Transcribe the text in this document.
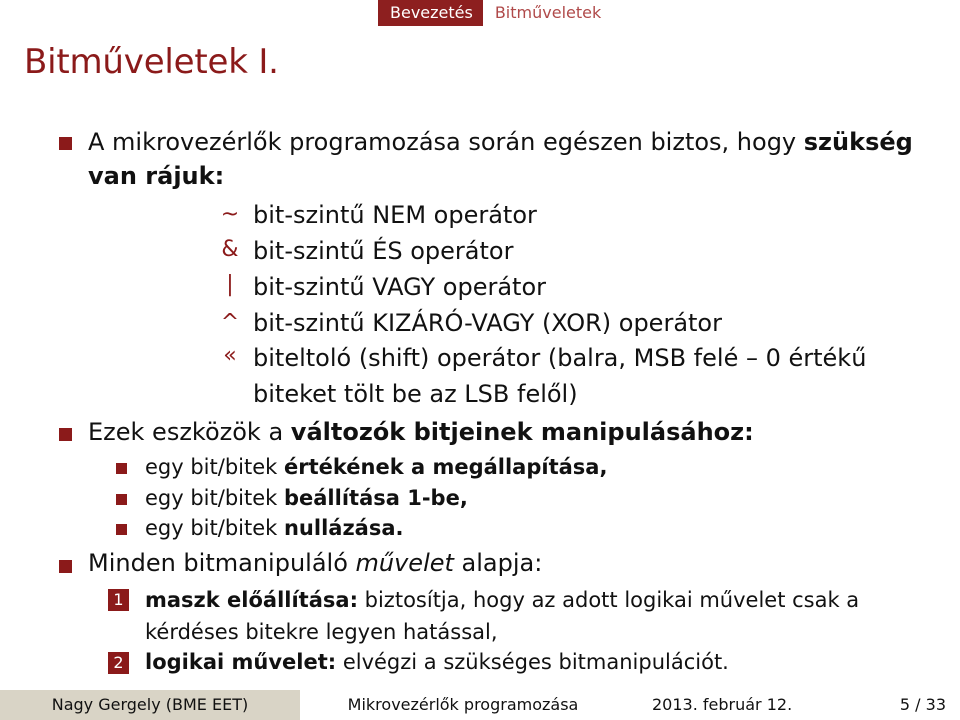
Bevezetés	Bitműveletek
Bitműveletek I.
A mikrovezérlők programozása során egészen biztos, hogy szükség
van rájuk:
~ bit-szintű NEM operátor
& bit-szintű ÉS operátor
| bit-szintű VAGY operátor
^ bit-szintű KIZÁRÓ-VAGY (XOR) operátor
« biteltoló (shift) operátor (balra, MSB felé – 0 értékű
biteket tölt be az LSB felől)
Ezek eszközök a változók bitjeinek manipulásához:
egy bit/bitek értékének a megállapítása,
egy bit/bitek beállítása 1-be,
egy bit/bitek nullázása.
Minden bitmanipuláló művelet alapja:
1 maszk előállítása: biztosítja, hogy az adott logikai művelet csak a
kérdéses bitekre legyen hatással,
2 logikai művelet: elvégzi a szükséges bitmanipulációt.
Nagy Gergely (BME EET)	Mikrovezérlők programozása	2013. február 12.	5 / 33
